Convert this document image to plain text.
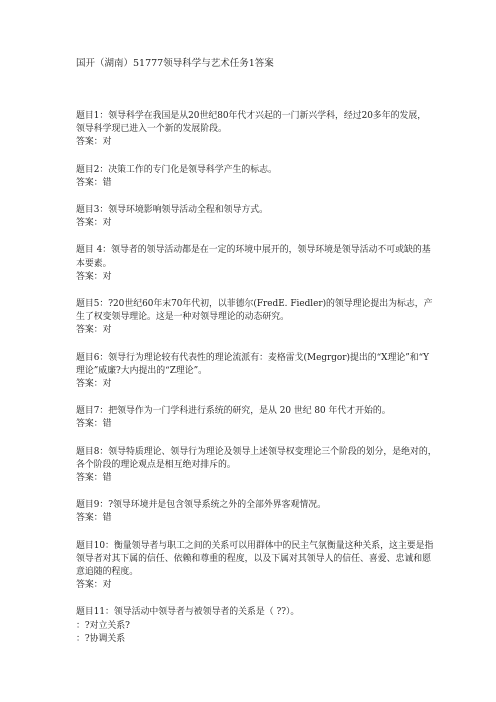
国开（湖南）51777领导科学与艺术任务1答案

题目1：领导科学在我国是从20世纪80年代才兴起的一门新兴学科，经过20多年的发展，

领导科学现已进入一个新的发展阶段。

答案：对

题目2：决策工作的专门化是领导科学产生的标志。

答案：错

题目3：领导环境影响领导活动全程和领导方式。

答案：对

题目 4：领导者的领导活动都是在一定的环境中展开的，领导环境是领导活动不可或缺的基

本要素。

答案：对

题目5：?20世纪60年末70年代初，以菲德尔(FredE. Fiedler)的领导理论提出为标志，产

生了权变领导理论。这是一种对领导理论的动态研究。

答案：对

题目6：领导行为理论较有代表性的理论流派有：麦格雷戈(Megrgor)提出的“X理论”和“Y

理论”威廉?大内提出的“Z理论”。

答案：对

题目7：把领导作为一门学科进行系统的研究，是从 20 世纪 80 年代才开始的。

答案：错

题目8：领导特质理论、领导行为理论及领导上述领导权变理论三个阶段的划分，是绝对的，

各个阶段的理论观点是相互绝对排斥的。

答案：错

题目9：?领导环境并是包含领导系统之外的全部外界客观情况。

答案：错

题目10：衡量领导者与职工之间的关系可以用群体中的民主气氛衡量这种关系，这主要是指

领导者对其下属的信任、依赖和尊重的程度，以及下属对其领导人的信任、喜爱、忠诚和愿

意追随的程度。

答案：对

题目11：领导活动中领导者与被领导者的关系是（ ??）。

：?对立关系?

：?协调关系
